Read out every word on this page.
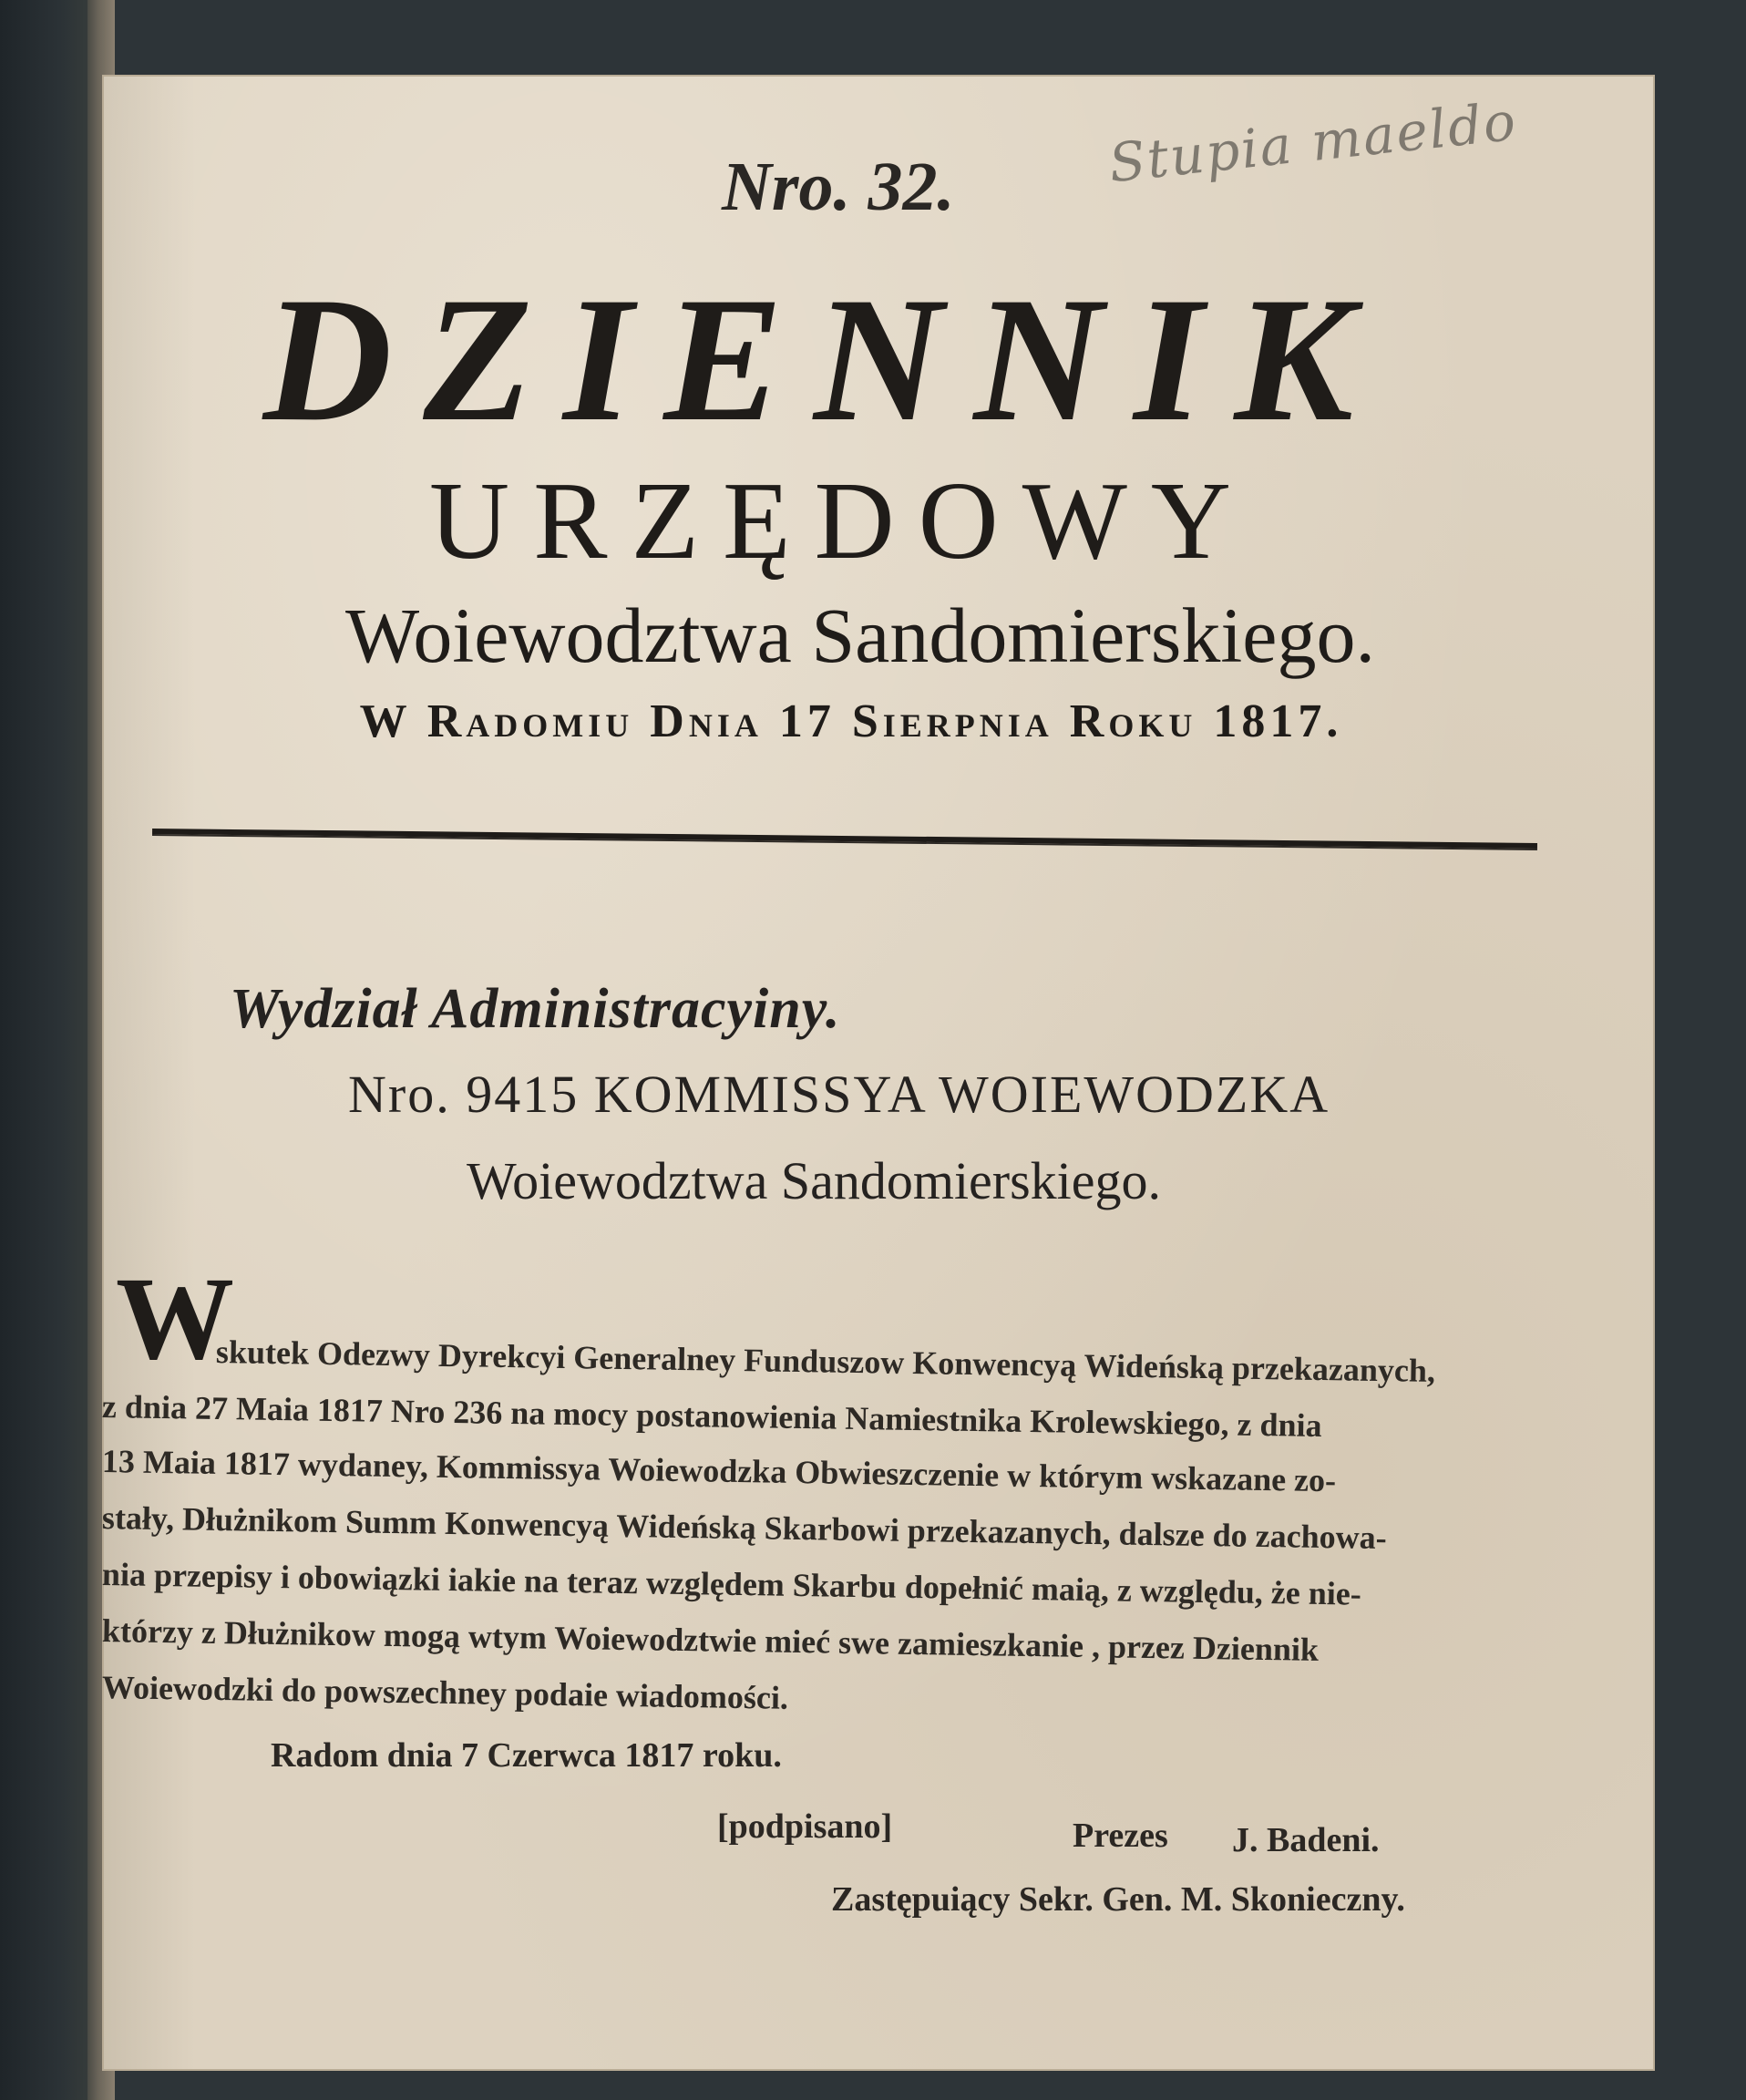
Stupia maeldo
Nro. 32.
DZIENNIK
URZĘDOWY
Woiewodztwa Sandomierskiego.
W Radomiu Dnia 17 Sierpnia Roku 1817.
Wydział Administracyiny.
Nro. 9415 KOMMISSYA WOIEWODZKA
Woiewodztwa Sandomierskiego.
W
skutek Odezwy Dyrekcyi Generalney Funduszow Konwencyą Wideńską przekazanych,
z dnia 27 Maia 1817 Nro 236 na mocy postanowienia Namiestnika Krolewskiego, z dnia
13 Maia 1817 wydaney, Kommissya Woiewodzka Obwieszczenie w którym wskazane zo-
stały, Dłużnikom Summ Konwencyą Wideńską Skarbowi przekazanych, dalsze do zachowa-
nia przepisy i obowiązki iakie na teraz względem Skarbu dopełnić maią, z względu, że nie-
którzy z Dłużnikow mogą wtym Woiewodztwie mieć swe zamieszkanie , przez Dziennik
Woiewodzki do powszechney podaie wiadomości.
Radom dnia 7 Czerwca 1817 roku.
[podpisano]	Prezes J. Badeni.
Zastępuiący Sekr. Gen. M. Skonieczny.
